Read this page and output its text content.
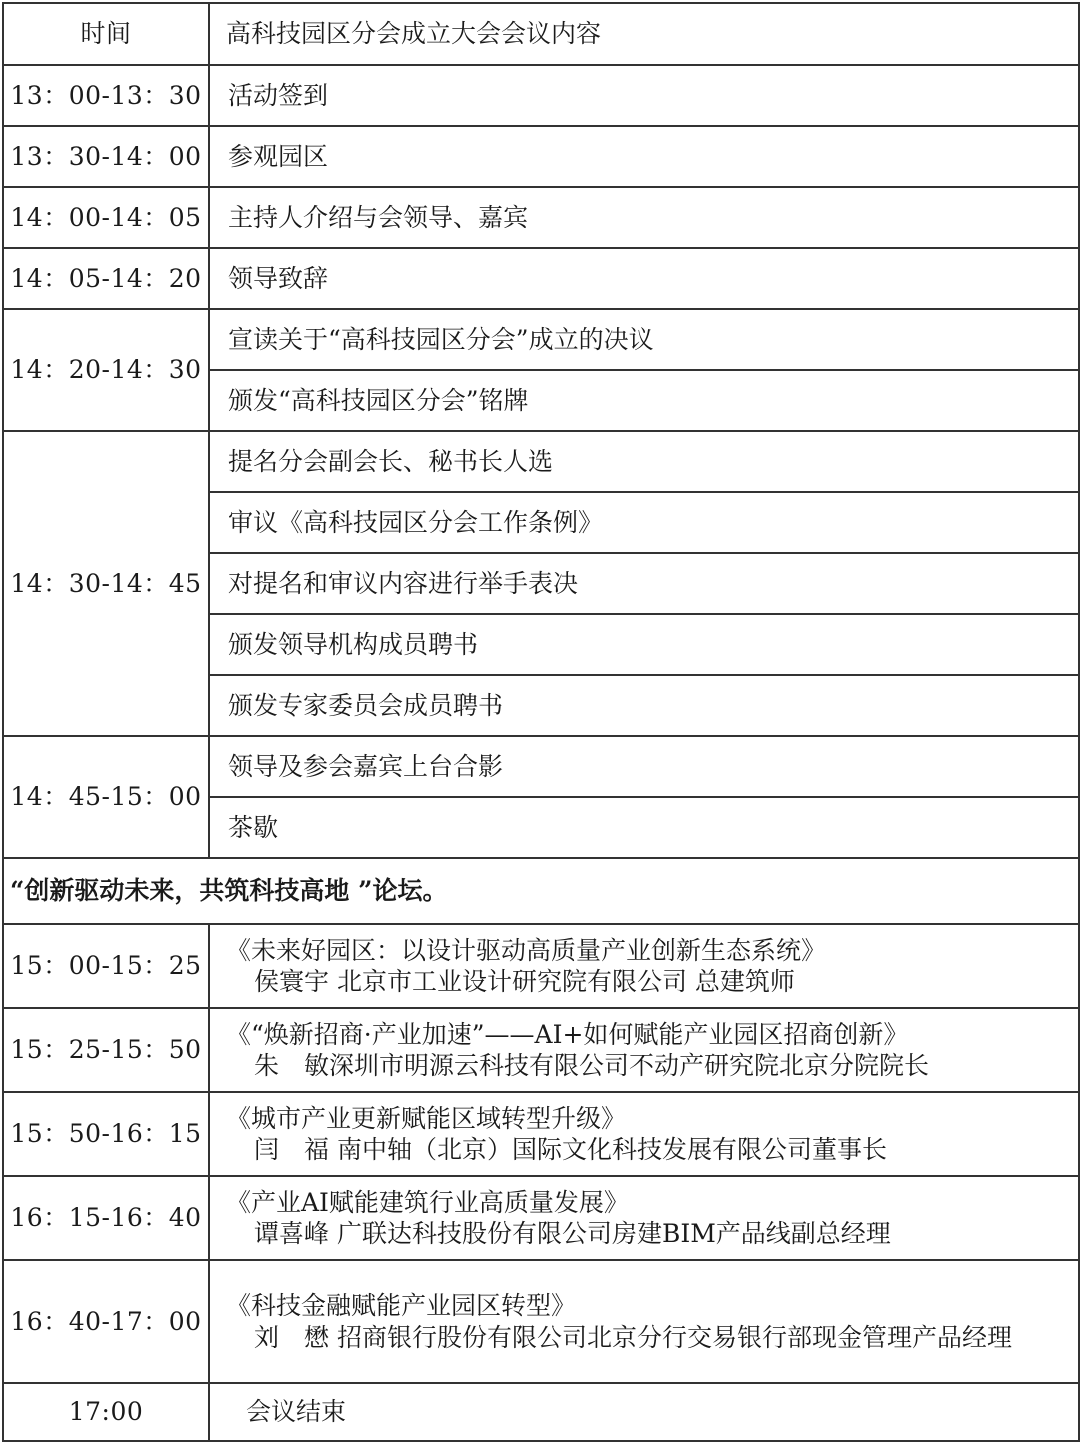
时间	高科技园区分会成立大会会议内容
13：00-13：30	活动签到
13：30-14：00	参观园区
14：00-14：05	主持人介绍与会领导、嘉宾
14：05-14：20	领导致辞
14：20-14：30	宣读关于“高科技园区分会”成立的决议
	颁发“高科技园区分会”铭牌
14：30-14：45	提名分会副会长、秘书长人选
	审议《高科技园区分会工作条例》
	对提名和审议内容进行举手表决
	颁发领导机构成员聘书
	颁发专家委员会成员聘书
14：45-15：00	领导及参会嘉宾上台合影
	茶歇
“创新驱动未来，共筑科技高地 ”论坛。	
15：00-15：25	《未来好园区：以设计驱动高质量产业创新生态系统》
侯寰宇 北京市工业设计研究院有限公司 总建筑师

15：25-15：50	《“焕新招商·产业加速”——AI+如何赋能产业园区招商创新》
朱　敏深圳市明源云科技有限公司不动产研究院北京分院院长

15：50-16：15	《城市产业更新赋能区域转型升级》
闫　福 南中轴（北京）国际文化科技发展有限公司董事长

16：15-16：40	《产业AI赋能建筑行业高质量发展》
谭喜峰 广联达科技股份有限公司房建BIM产品线副总经理

16：40-17：00	《科技金融赋能产业园区转型》
刘　懋 招商银行股份有限公司北京分行交易银行部现金管理产品经理

17:00	会议结束
